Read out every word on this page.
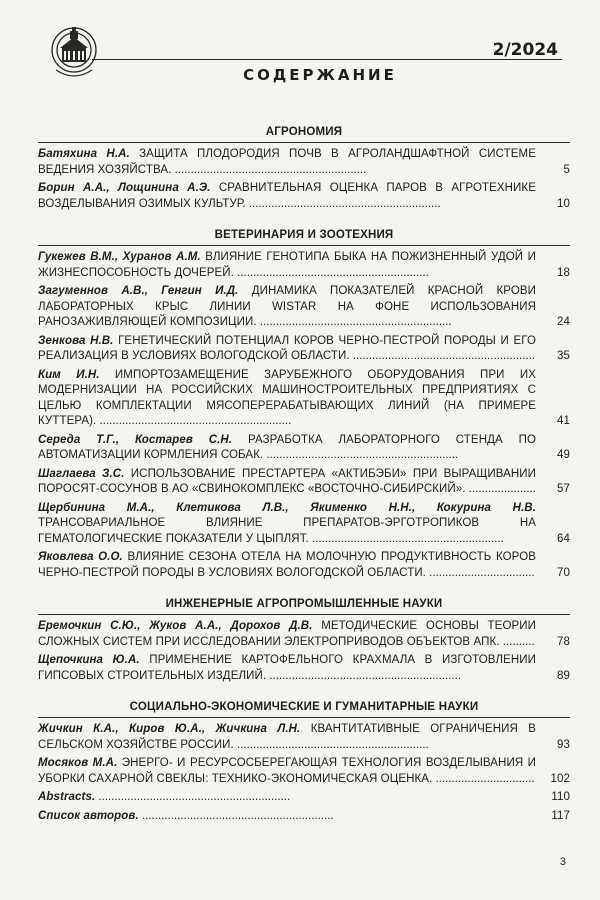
2/2024
СОДЕРЖАНИЕ
АГРОНОМИЯ
Батяхина Н.А. ЗАЩИТА ПЛОДОРОДИЯ ПОЧВ В АГРОЛАНДШАФТНОЙ СИСТЕМЕ ВЕДЕНИЯ ХОЗЯЙСТВА. ............................................................	5
Борин А.А., Лощинина А.Э. СРАВНИТЕЛЬНАЯ ОЦЕНКА ПАРОВ В АГРОТЕХНИКЕ ВОЗДЕЛЫВАНИЯ ОЗИМЫХ КУЛЬТУР. ............................................................	10
ВЕТЕРИНАРИЯ И ЗООТЕХНИЯ
Гукежев В.М., Хуранов А.М. ВЛИЯНИЕ ГЕНОТИПА БЫКА НА ПОЖИЗНЕННЫЙ УДОЙ И ЖИЗНЕСПОСОБНОСТЬ ДОЧЕРЕЙ. ............................................................	18
Загуменнов А.В., Генгин И.Д. ДИНАМИКА ПОКАЗАТЕЛЕЙ КРАСНОЙ КРОВИ ЛАБОРАТОРНЫХ КРЫС ЛИНИИ WISTAR НА ФОНЕ ИСПОЛЬЗОВАНИЯ РАНОЗАЖИВЛЯЮЩЕЙ КОМПОЗИЦИИ. ............................................................	24
Зенкова Н.В. ГЕНЕТИЧЕСКИЙ ПОТЕНЦИАЛ КОРОВ ЧЕРНО-ПЕСТРОЙ ПОРОДЫ И ЕГО РЕАЛИЗАЦИЯ В УСЛОВИЯХ ВОЛОГОДСКОЙ ОБЛАСТИ. .........................................................	35
Ким И.Н. ИМПОРТОЗАМЕЩЕНИЕ ЗАРУБЕЖНОГО ОБОРУДОВАНИЯ ПРИ ИХ МОДЕРНИЗАЦИИ НА РОССИЙСКИХ МАШИНОСТРОИТЕЛЬНЫХ ПРЕДПРИЯТИЯХ С ЦЕЛЬЮ КОМПЛЕКТАЦИИ МЯСОПЕРЕРАБАТЫВАЮЩИХ ЛИНИЙ (НА ПРИМЕРЕ КУТТЕРА). ............................................................	41
Середа Т.Г., Костарев С.Н. РАЗРАБОТКА ЛАБОРАТОРНОГО СТЕНДА ПО АВТОМАТИЗАЦИИ КОРМЛЕНИЯ СОБАК. ............................................................	49
Шаглаева З.С. ИСПОЛЬЗОВАНИЕ ПРЕСТАРТЕРА «АКТИБЭБИ» ПРИ ВЫРАЩИВАНИИ ПОРОСЯТ-СОСУНОВ В АО «СВИНОКОМПЛЕКС «ВОСТОЧНО-СИБИРСКИЙ». .....................	57
Щербинина М.А., Клетикова Л.В., Якименко Н.Н., Кокурина Н.В. ТРАНСОВАРИАЛЬНОЕ ВЛИЯНИЕ ПРЕПАРАТОВ-ЭРГОТРОПИКОВ НА ГЕМАТОЛОГИЧЕСКИЕ ПОКАЗАТЕЛИ У ЦЫПЛЯТ. ............................................................	64
Яковлева О.О. ВЛИЯНИЕ СЕЗОНА ОТЕЛА НА МОЛОЧНУЮ ПРОДУКТИВНОСТЬ КОРОВ ЧЕРНО-ПЕСТРОЙ ПОРОДЫ В УСЛОВИЯХ ВОЛОГОДСКОЙ ОБЛАСТИ. .................................	70
ИНЖЕНЕРНЫЕ АГРОПРОМЫШЛЕННЫЕ НАУКИ
Еремочкин С.Ю., Жуков А.А., Дорохов Д.В. МЕТОДИЧЕСКИЕ ОСНОВЫ ТЕОРИИ СЛОЖНЫХ СИСТЕМ ПРИ ИССЛЕДОВАНИИ ЭЛЕКТРОПРИВОДОВ ОБЪЕКТОВ АПК. ..........	78
Щепочкина Ю.А. ПРИМЕНЕНИЕ КАРТОФЕЛЬНОГО КРАХМАЛА В ИЗГОТОВЛЕНИИ ГИПСОВЫХ СТРОИТЕЛЬНЫХ ИЗДЕЛИЙ. ............................................................	89
СОЦИАЛЬНО-ЭКОНОМИЧЕСКИЕ И ГУМАНИТАРНЫЕ НАУКИ
Жичкин К.А., Киров Ю.А., Жичкина Л.Н. КВАНТИТАТИВНЫЕ ОГРАНИЧЕНИЯ В СЕЛЬСКОМ ХОЗЯЙСТВЕ РОССИИ. ............................................................	93
Мосяков М.А. ЭНЕРГО- И РЕСУРСОСБЕРЕГАЮЩАЯ ТЕХНОЛОГИЯ ВОЗДЕЛЫВАНИЯ И УБОРКИ САХАРНОЙ СВЕКЛЫ: ТЕХНИКО-ЭКОНОМИЧЕСКАЯ ОЦЕНКА. ...............................	102
Abstracts. ............................................................	110
Список авторов. ............................................................	117
3
